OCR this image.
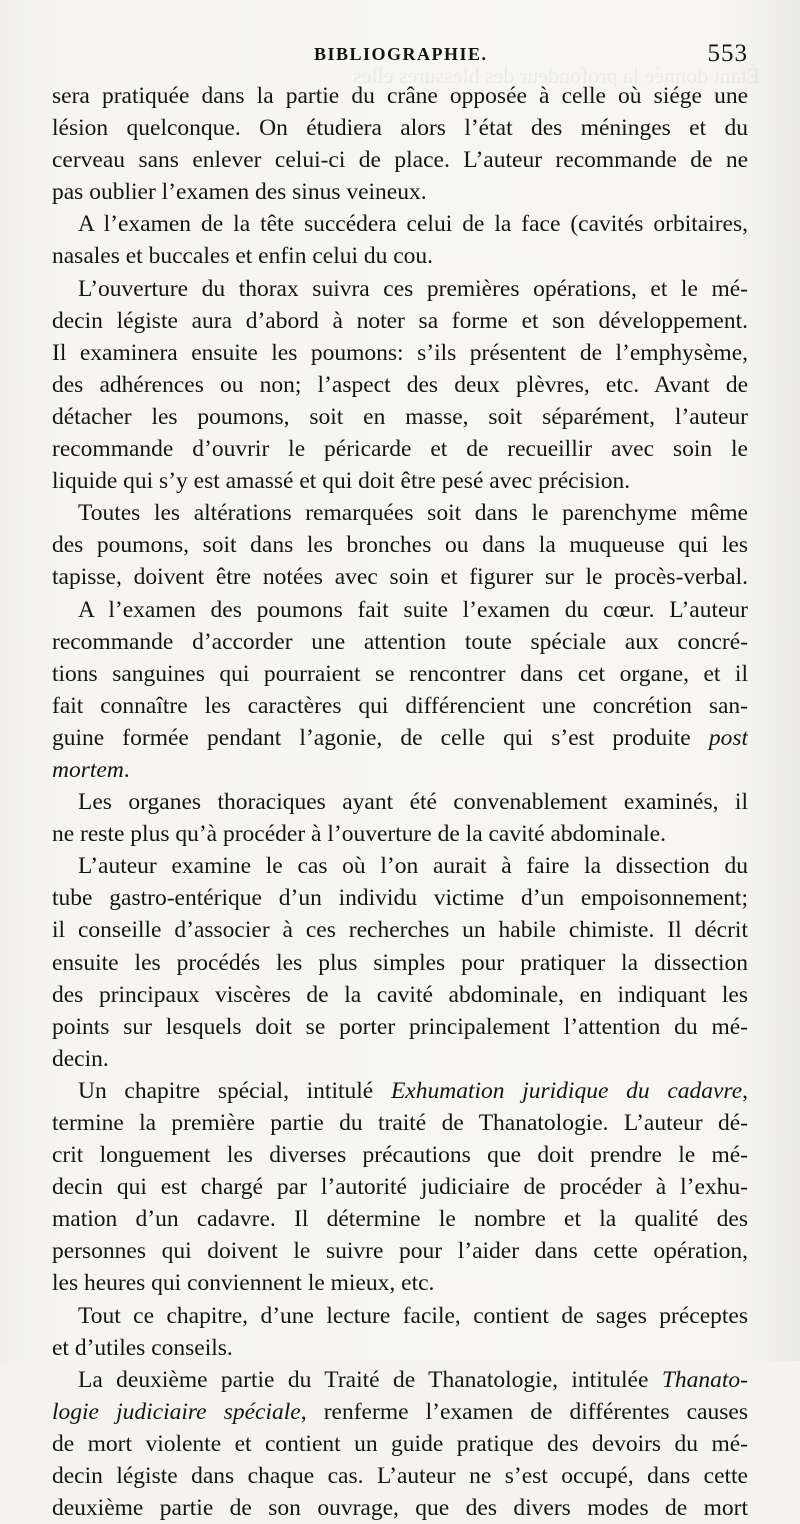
BIBLIOGRAPHIE.	553
sera pratiquée dans la partie du crâne opposée à celle où siége une
lésion quelconque. On étudiera alors l’état des méninges et du
cerveau sans enlever celui-ci de place. L’auteur recommande de ne
pas oublier l’examen des sinus veineux.
A l’examen de la tête succédera celui de la face (cavités orbitaires,
nasales et buccales et enfin celui du cou.
L’ouverture du thorax suivra ces premières opérations, et le mé-
decin légiste aura d’abord à noter sa forme et son développement.
Il examinera ensuite les poumons: s’ils présentent de l’emphysème,
des adhérences ou non; l’aspect des deux plèvres, etc. Avant de
détacher les poumons, soit en masse, soit séparément, l’auteur
recommande d’ouvrir le péricarde et de recueillir avec soin le
liquide qui s’y est amassé et qui doit être pesé avec précision.
Toutes les altérations remarquées soit dans le parenchyme même
des poumons, soit dans les bronches ou dans la muqueuse qui les
tapisse, doivent être notées avec soin et figurer sur le procès-verbal.
A l’examen des poumons fait suite l’examen du cœur. L’auteur
recommande d’accorder une attention toute spéciale aux concré-
tions sanguines qui pourraient se rencontrer dans cet organe, et il
fait connaître les caractères qui différencient une concrétion san-
guine formée pendant l’agonie, de celle qui s’est produite post
mortem.
Les organes thoraciques ayant été convenablement examinés, il
ne reste plus qu’à procéder à l’ouverture de la cavité abdominale.
L’auteur examine le cas où l’on aurait à faire la dissection du
tube gastro-entérique d’un individu victime d’un empoisonnement;
il conseille d’associer à ces recherches un habile chimiste. Il décrit
ensuite les procédés les plus simples pour pratiquer la dissection
des principaux viscères de la cavité abdominale, en indiquant les
points sur lesquels doit se porter principalement l’attention du mé-
decin.
Un chapitre spécial, intitulé Exhumation juridique du cadavre,
termine la première partie du traité de Thanatologie. L’auteur dé-
crit longuement les diverses précautions que doit prendre le mé-
decin qui est chargé par l’autorité judiciaire de procéder à l’exhu-
mation d’un cadavre. Il détermine le nombre et la qualité des
personnes qui doivent le suivre pour l’aider dans cette opération,
les heures qui conviennent le mieux, etc.
Tout ce chapitre, d’une lecture facile, contient de sages préceptes
et d’utiles conseils.
La deuxième partie du Traité de Thanatologie, intitulée Thanato-
logie judiciaire spéciale, renferme l’examen de différentes causes
de mort violente et contient un guide pratique des devoirs du mé-
decin légiste dans chaque cas. L’auteur ne s’est occupé, dans cette
deuxième partie de son ouvrage, que des divers modes de mort
